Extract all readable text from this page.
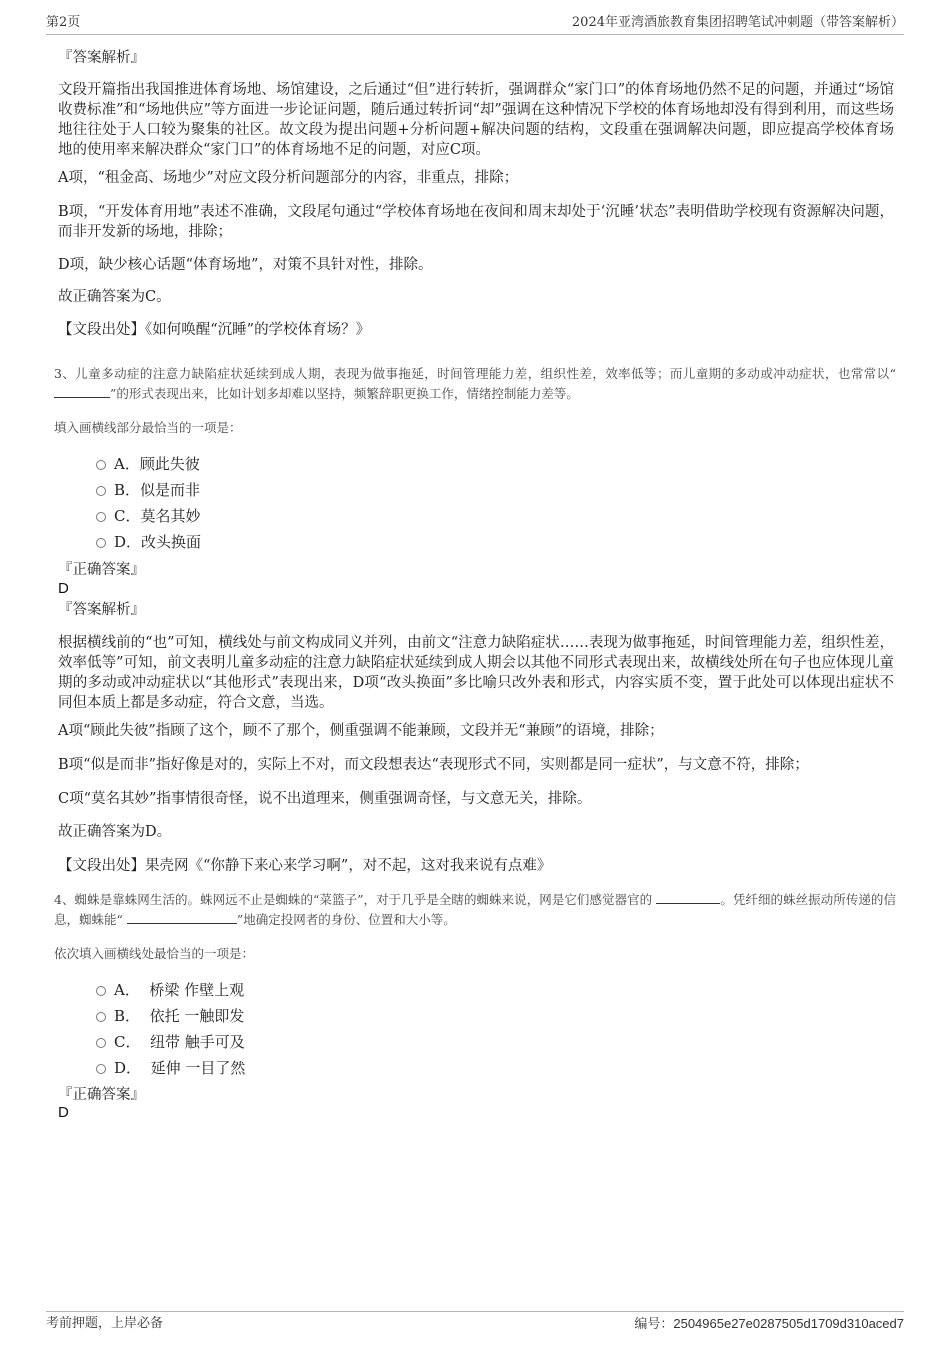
第2页	2024年亚湾酒旅教育集团招聘笔试冲刺题（带答案解析）
『答案解析』
文段开篇指出我国推进体育场地、场馆建设，之后通过“但”进行转折，强调群众“家门口”的体育场地仍然不足的问题，并通过“场馆收费标准”和“场地供应”等方面进一步论证问题，随后通过转折词“却”强调在这种情况下学校的体育场地却没有得到利用，而这些场地往往处于人口较为聚集的社区。故文段为提出问题+分析问题+解决问题的结构，文段重在强调解决问题，即应提高学校体育场地的使用率来解决群众“家门口”的体育场地不足的问题，对应C项。
A项，“租金高、场地少”对应文段分析问题部分的内容，非重点，排除；
B项，“开发体育用地”表述不准确，文段尾句通过“学校体育场地在夜间和周末却处于‘沉睡’状态”表明借助学校现有资源解决问题，而非开发新的场地，排除；
D项，缺少核心话题“体育场地”，对策不具针对性，排除。
故正确答案为C。
【文段出处】《如何唤醒“沉睡”的学校体育场？》
3、儿童多动症的注意力缺陷症状延续到成人期，表现为做事拖延，时间管理能力差，组织性差，效率低等；而儿童期的多动或冲动症状，也常常以“”的形式表现出来，比如计划多却难以坚持，频繁辞职更换工作，情绪控制能力差等。
填入画横线部分最恰当的一项是：
A．顾此失彼
B．似是而非
C．莫名其妙
D．改头换面
『正确答案』
D
『答案解析』
根据横线前的“也”可知，横线处与前文构成同义并列，由前文“注意力缺陷症状……表现为做事拖延，时间管理能力差，组织性差，效率低等”可知，前文表明儿童多动症的注意力缺陷症状延续到成人期会以其他不同形式表现出来，故横线处所在句子也应体现儿童期的多动或冲动症状以“其他形式”表现出来，D项“改头换面”多比喻只改外表和形式，内容实质不变，置于此处可以体现出症状不同但本质上都是多动症，符合文意，当选。
A项“顾此失彼”指顾了这个，顾不了那个，侧重强调不能兼顾，文段并无“兼顾”的语境，排除；
B项“似是而非”指好像是对的，实际上不对，而文段想表达“表现形式不同，实则都是同一症状”，与文意不符，排除；
C项“莫名其妙”指事情很奇怪，说不出道理来，侧重强调奇怪，与文意无关，排除。
故正确答案为D。
【文段出处】果壳网《“你静下来心来学习啊”，对不起，这对我来说有点难》
4、蜘蛛是靠蛛网生活的。蛛网远不止是蜘蛛的“菜篮子”，对于几乎是全瞎的蜘蛛来说，网是它们感觉器官的	。凭纤细的蛛丝振动所传递的信息，蜘蛛能“	”地确定投网者的身份、位置和大小等。
依次填入画横线处最恰当的一项是：
A． 桥梁 作壁上观
B． 依托 一触即发
C． 纽带 触手可及
D． 延伸 一目了然
『正确答案』
D
考前押题，上岸必备	编号：2504965e27e0287505d1709d310aced7
